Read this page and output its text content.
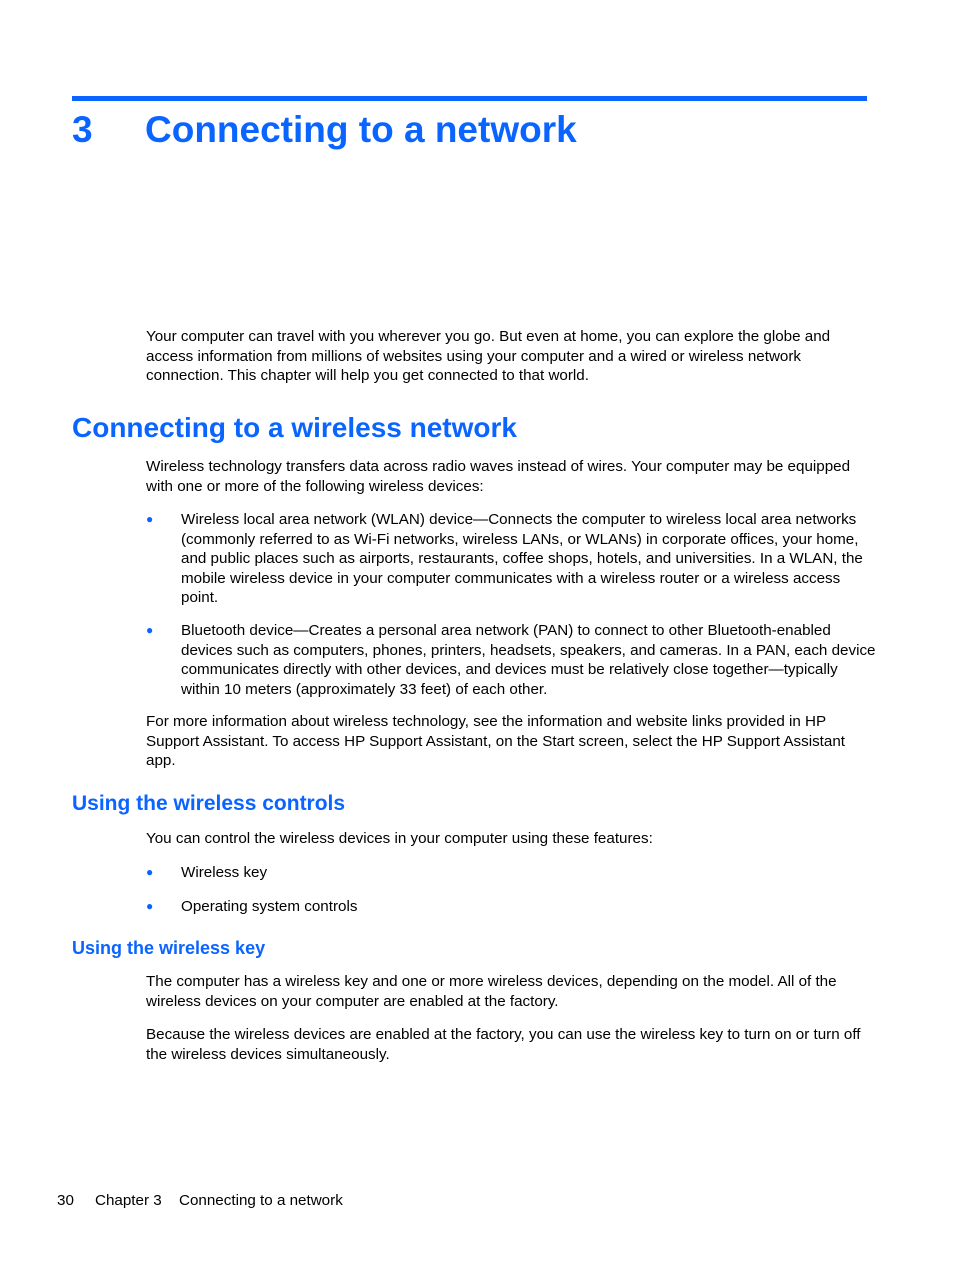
3 Connecting to a network

Your computer can travel with you wherever you go. But even at home, you can explore the globe and access information from millions of websites using your computer and a wired or wireless network connection. This chapter will help you get connected to that world.

Connecting to a wireless network

Wireless technology transfers data across radio waves instead of wires. Your computer may be equipped with one or more of the following wireless devices:

● Wireless local area network (WLAN) device—Connects the computer to wireless local area networks (commonly referred to as Wi-Fi networks, wireless LANs, or WLANs) in corporate offices, your home, and public places such as airports, restaurants, coffee shops, hotels, and universities. In a WLAN, the mobile wireless device in your computer communicates with a wireless router or a wireless access point.
● Bluetooth device—Creates a personal area network (PAN) to connect to other Bluetooth-enabled devices such as computers, phones, printers, headsets, speakers, and cameras. In a PAN, each device communicates directly with other devices, and devices must be relatively close together—typically within 10 meters (approximately 33 feet) of each other.

For more information about wireless technology, see the information and website links provided in HP Support Assistant. To access HP Support Assistant, on the Start screen, select the HP Support Assistant app.

Using the wireless controls

You can control the wireless devices in your computer using these features:

● Wireless key
● Operating system controls
Using the wireless key

The computer has a wireless key and one or more wireless devices, depending on the model. All of the wireless devices on your computer are enabled at the factory.

Because the wireless devices are enabled at the factory, you can use the wireless key to turn on or turn off the wireless devices simultaneously.

30 Chapter 3 Connecting to a network
